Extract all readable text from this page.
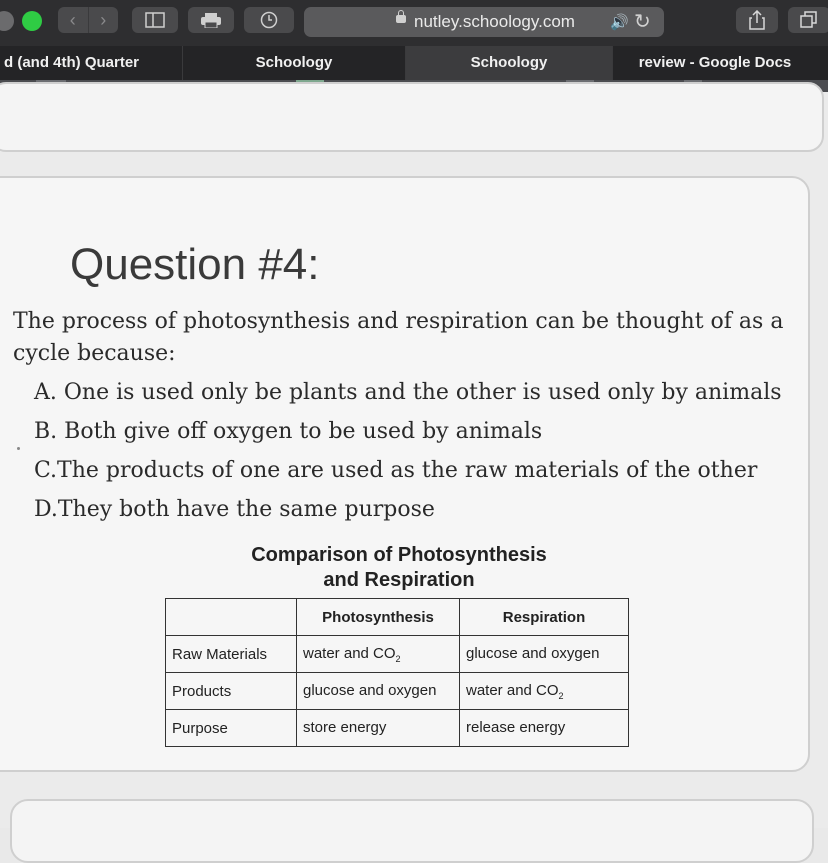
‹	›	nutley.schoology.com 🔊 ↻
d (and 4th) Quarter	Schoology	Schoology	review - Google Docs
Question #4:
The process of photosynthesis and respiration can be thought of as a cycle because:
A. One is used only be plants and the other is used only by animals
B. Both give off oxygen to be used by animals
C.The products of one are used as the raw materials of the other
D.They both have the same purpose
Comparison of Photosynthesis
and Respiration
	Photosynthesis	Respiration
Raw Materials	water and $CO_2$	glucose and oxygen
Products	glucose and oxygen	water and $CO_2$
Purpose	store energy	release energy
